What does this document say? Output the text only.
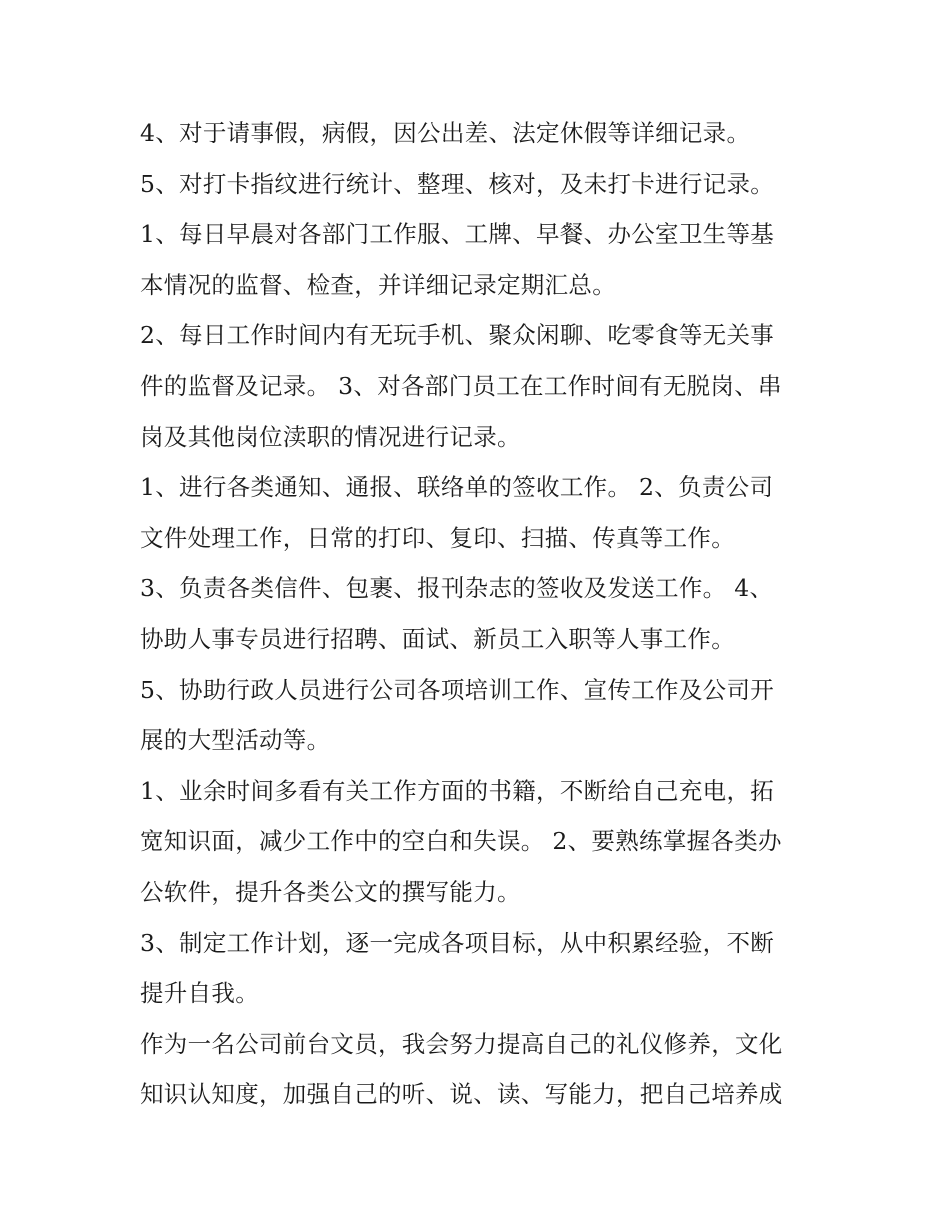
4、对于请事假，病假，因公出差、法定休假等详细记录。
5、对打卡指纹进行统计、整理、核对，及未打卡进行记录。
1、每日早晨对各部门工作服、工牌、早餐、办公室卫生等基
本情况的监督、检查，并详细记录定期汇总。
2、每日工作时间内有无玩手机、聚众闲聊、吃零食等无关事
件的监督及记录。 3、对各部门员工在工作时间有无脱岗、串
岗及其他岗位渎职的情况进行记录。
1、进行各类通知、通报、联络单的签收工作。 2、负责公司
文件处理工作，日常的打印、复印、扫描、传真等工作。
3、负责各类信件、包裹、报刊杂志的签收及发送工作。 4、
协助人事专员进行招聘、面试、新员工入职等人事工作。
5、协助行政人员进行公司各项培训工作、宣传工作及公司开
展的大型活动等。
1、业余时间多看有关工作方面的书籍，不断给自己充电，拓
宽知识面，减少工作中的空白和失误。 2、要熟练掌握各类办
公软件，提升各类公文的撰写能力。
3、制定工作计划，逐一完成各项目标，从中积累经验，不断
提升自我。
作为一名公司前台文员，我会努力提高自己的礼仪修养，文化
知识认知度，加强自己的听、说、读、写能力，把自己培养成
